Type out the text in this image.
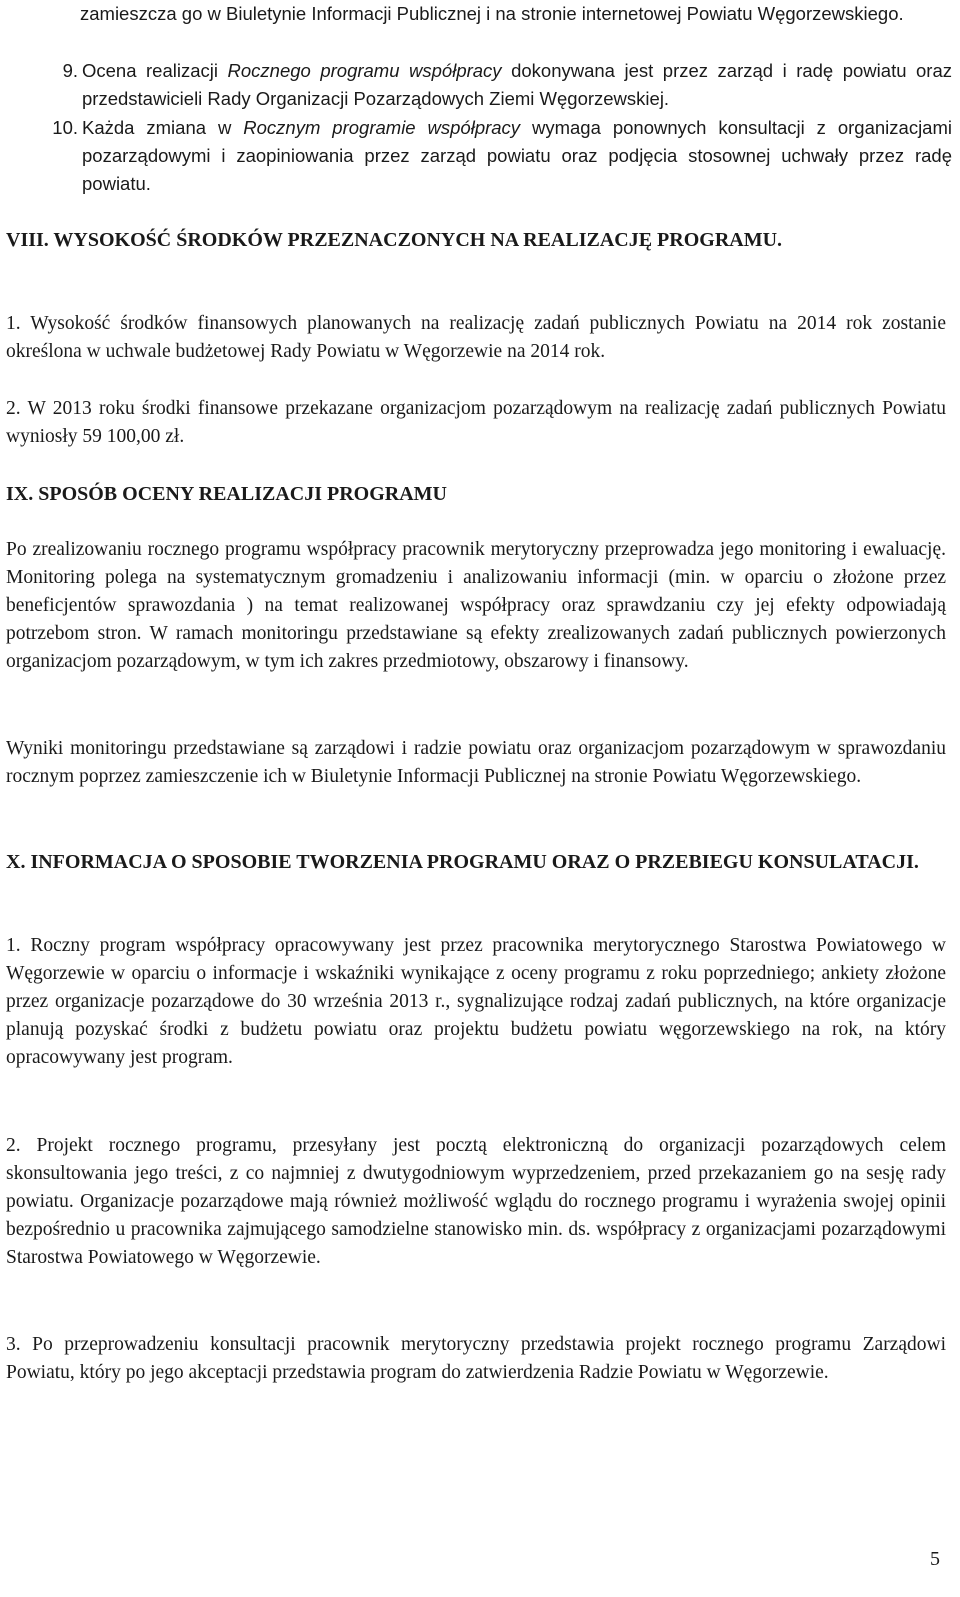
zamieszcza go w Biuletynie Informacji Publicznej i na stronie internetowej Powiatu Węgorzewskiego.

9. Ocena realizacji Rocznego programu współpracy dokonywana jest przez zarząd i radę powiatu oraz przedstawicieli Rady Organizacji Pozarządowych Ziemi Węgorzewskiej.
10. Każda zmiana w Rocznym programie współpracy wymaga ponownych konsultacji z organizacjami pozarządowymi i zaopiniowania przez zarząd powiatu oraz podjęcia stosownej uchwały przez radę powiatu.
VIII. WYSOKOŚĆ ŚRODKÓW PRZEZNACZONYCH NA REALIZACJĘ PROGRAMU.

1. Wysokość środków finansowych planowanych na realizację zadań publicznych Powiatu na 2014 rok zostanie określona w uchwale budżetowej Rady Powiatu w Węgorzewie na 2014 rok.

2. W 2013 roku środki finansowe przekazane organizacjom pozarządowym na realizację zadań publicznych Powiatu wyniosły 59 100,00 zł.

IX. SPOSÓB OCENY REALIZACJI PROGRAMU

Po zrealizowaniu rocznego programu współpracy pracownik merytoryczny przeprowadza jego monitoring i ewaluację. Monitoring polega na systematycznym gromadzeniu i analizowaniu informacji (min. w oparciu o złożone przez beneficjentów sprawozdania ) na temat realizowanej współpracy oraz sprawdzaniu czy jej efekty odpowiadają potrzebom stron. W ramach monitoringu przedstawiane są efekty zrealizowanych zadań publicznych powierzonych organizacjom pozarządowym, w tym ich zakres przedmiotowy, obszarowy i finansowy.

Wyniki monitoringu przedstawiane są zarządowi i radzie powiatu oraz organizacjom pozarządowym w sprawozdaniu rocznym poprzez zamieszczenie ich w Biuletynie Informacji Publicznej na stronie Powiatu Węgorzewskiego.

X. INFORMACJA O SPOSOBIE TWORZENIA PROGRAMU ORAZ O PRZEBIEGU KONSULATACJI.

1. Roczny program współpracy opracowywany jest przez pracownika merytorycznego Starostwa Powiatowego w Węgorzewie w oparciu o informacje i wskaźniki wynikające z oceny programu z roku poprzedniego; ankiety złożone przez organizacje pozarządowe do 30 września 2013 r., sygnalizujące rodzaj zadań publicznych, na które organizacje planują pozyskać środki z budżetu powiatu oraz projektu budżetu powiatu węgorzewskiego na rok, na który opracowywany jest program.

2. Projekt rocznego programu, przesyłany jest pocztą elektroniczną do organizacji pozarządowych celem skonsultowania jego treści, z co najmniej z dwutygodniowym wyprzedzeniem, przed przekazaniem go na sesję rady powiatu. Organizacje pozarządowe mają również możliwość wglądu do rocznego programu i wyrażenia swojej opinii bezpośrednio u pracownika zajmującego samodzielne stanowisko min. ds. współpracy z organizacjami pozarządowymi Starostwa Powiatowego w Węgorzewie.

3. Po przeprowadzeniu konsultacji pracownik merytoryczny przedstawia projekt rocznego programu Zarządowi Powiatu, który po jego akceptacji przedstawia program do zatwierdzenia Radzie Powiatu w Węgorzewie.

5
